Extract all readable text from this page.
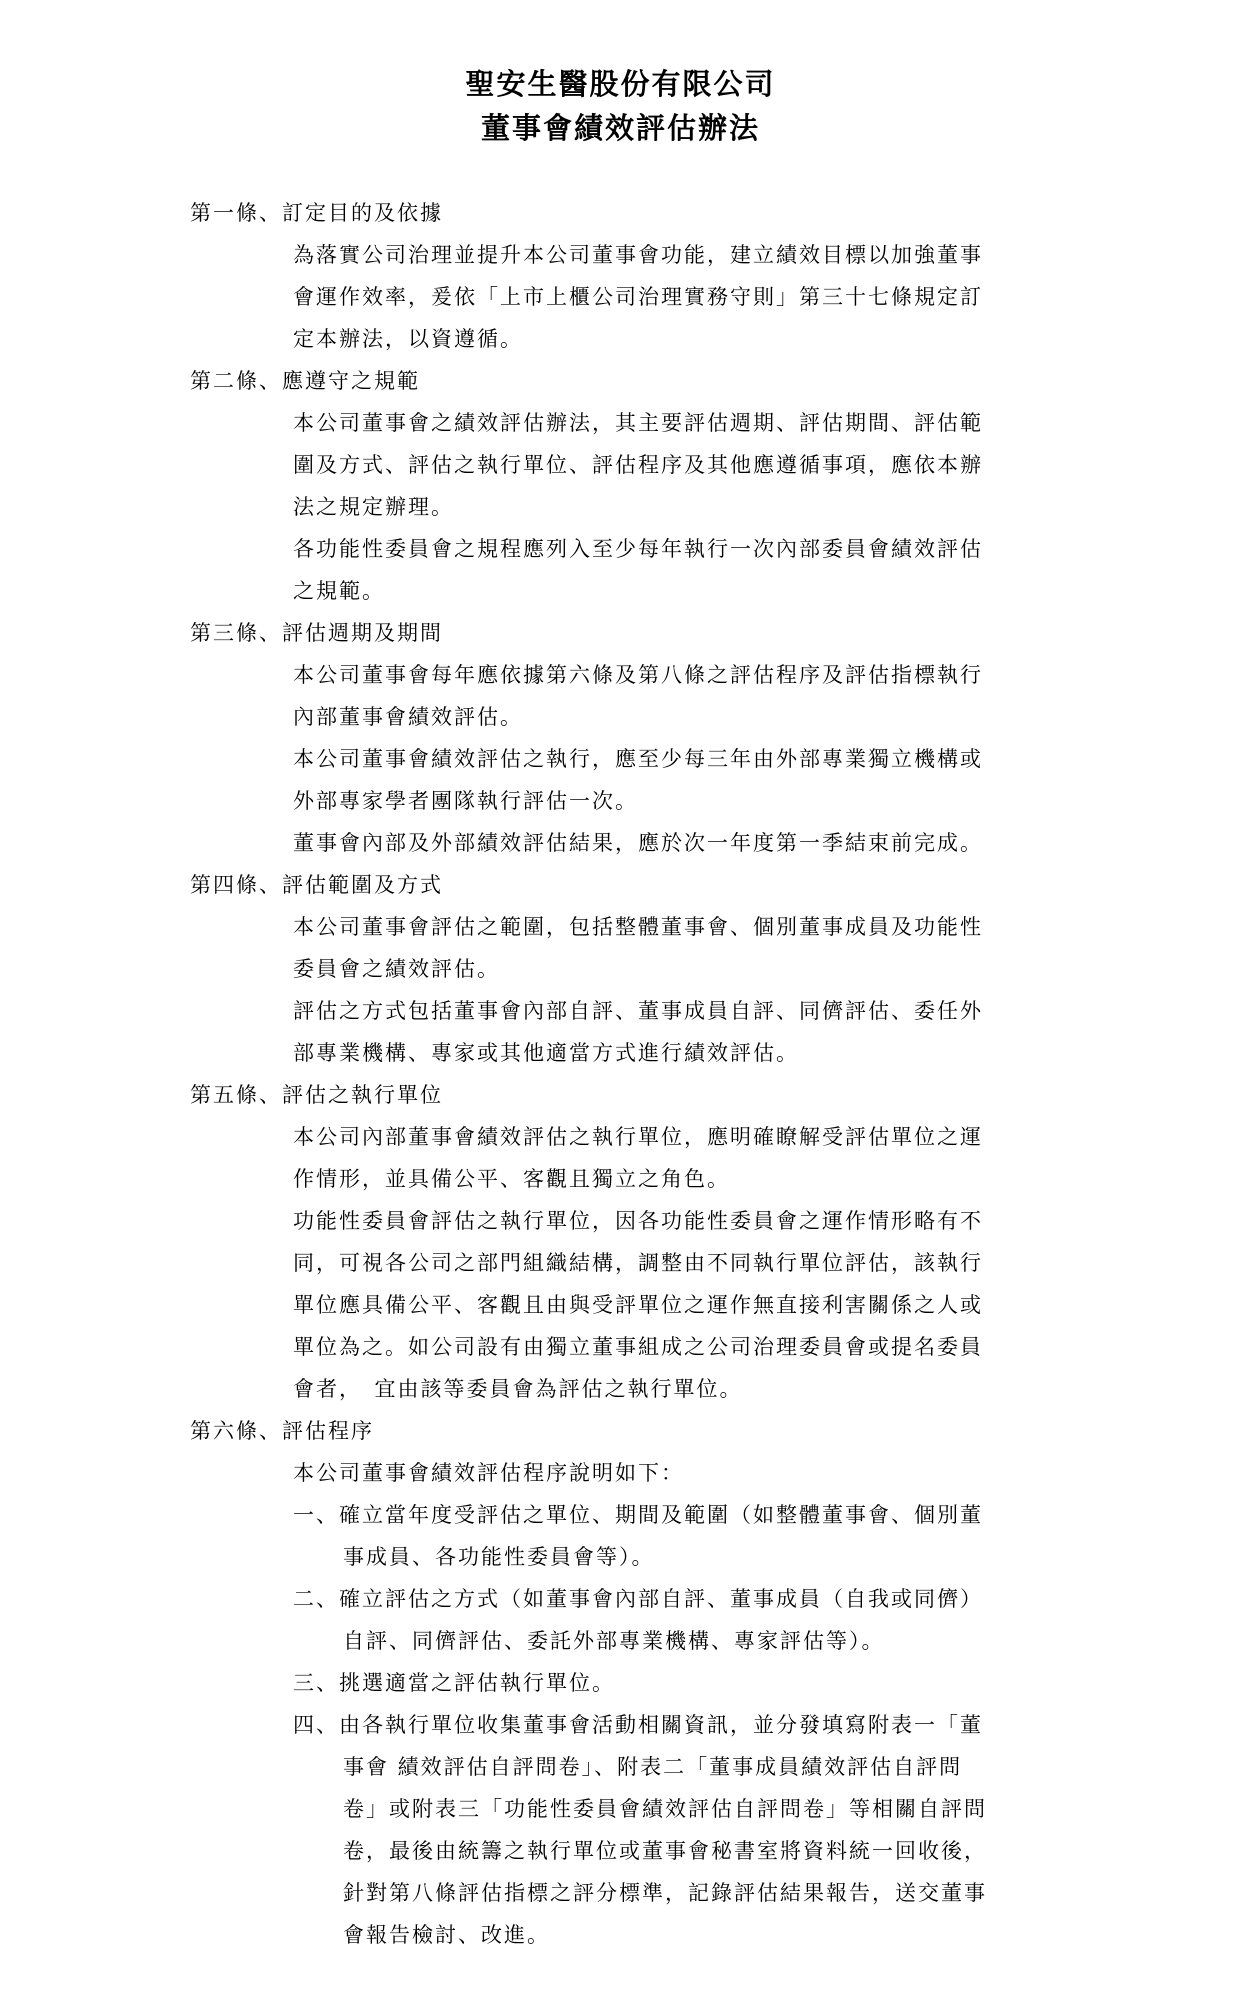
聖安生醫股份有限公司
董事會績效評估辦法
第一條、訂定目的及依據
為落實公司治理並提升本公司董事會功能，建立績效目標以加強董事
會運作效率，爰依「上市上櫃公司治理實務守則」第三十七條規定訂
定本辦法，以資遵循。
第二條、應遵守之規範
本公司董事會之績效評估辦法，其主要評估週期、評估期間、評估範
圍及方式、評估之執行單位、評估程序及其他應遵循事項，應依本辦
法之規定辦理。
各功能性委員會之規程應列入至少每年執行一次內部委員會績效評估
之規範。
第三條、評估週期及期間
本公司董事會每年應依據第六條及第八條之評估程序及評估指標執行
內部董事會績效評估。
本公司董事會績效評估之執行，應至少每三年由外部專業獨立機構或
外部專家學者團隊執行評估一次。
董事會內部及外部績效評估結果，應於次一年度第一季結束前完成。
第四條、評估範圍及方式
本公司董事會評估之範圍，包括整體董事會、個別董事成員及功能性
委員會之績效評估。
評估之方式包括董事會內部自評、董事成員自評、同儕評估、委任外
部專業機構、專家或其他適當方式進行績效評估。
第五條、評估之執行單位
本公司內部董事會績效評估之執行單位，應明確瞭解受評估單位之運
作情形，並具備公平、客觀且獨立之角色。
功能性委員會評估之執行單位，因各功能性委員會之運作情形略有不
同，可視各公司之部門組織結構，調整由不同執行單位評估，該執行
單位應具備公平、客觀且由與受評單位之運作無直接利害關係之人或
單位為之。如公司設有由獨立董事組成之公司治理委員會或提名委員
會者，　宜由該等委員會為評估之執行單位。
第六條、評估程序
本公司董事會績效評估程序說明如下：
一、確立當年度受評估之單位、期間及範圍（如整體董事會、個別董
事成員、各功能性委員會等）。
二、確立評估之方式（如董事會內部自評、董事成員（自我或同儕）
自評、同儕評估、委託外部專業機構、專家評估等）。
三、挑選適當之評估執行單位。
四、由各執行單位收集董事會活動相關資訊，並分發填寫附表一「董
事會 績效評估自評問卷」、附表二「董事成員績效評估自評問
卷」或附表三「功能性委員會績效評估自評問卷」等相關自評問
卷，最後由統籌之執行單位或董事會秘書室將資料統一回收後，
針對第八條評估指標之評分標準，記錄評估結果報告，送交董事
會報告檢討、改進。
